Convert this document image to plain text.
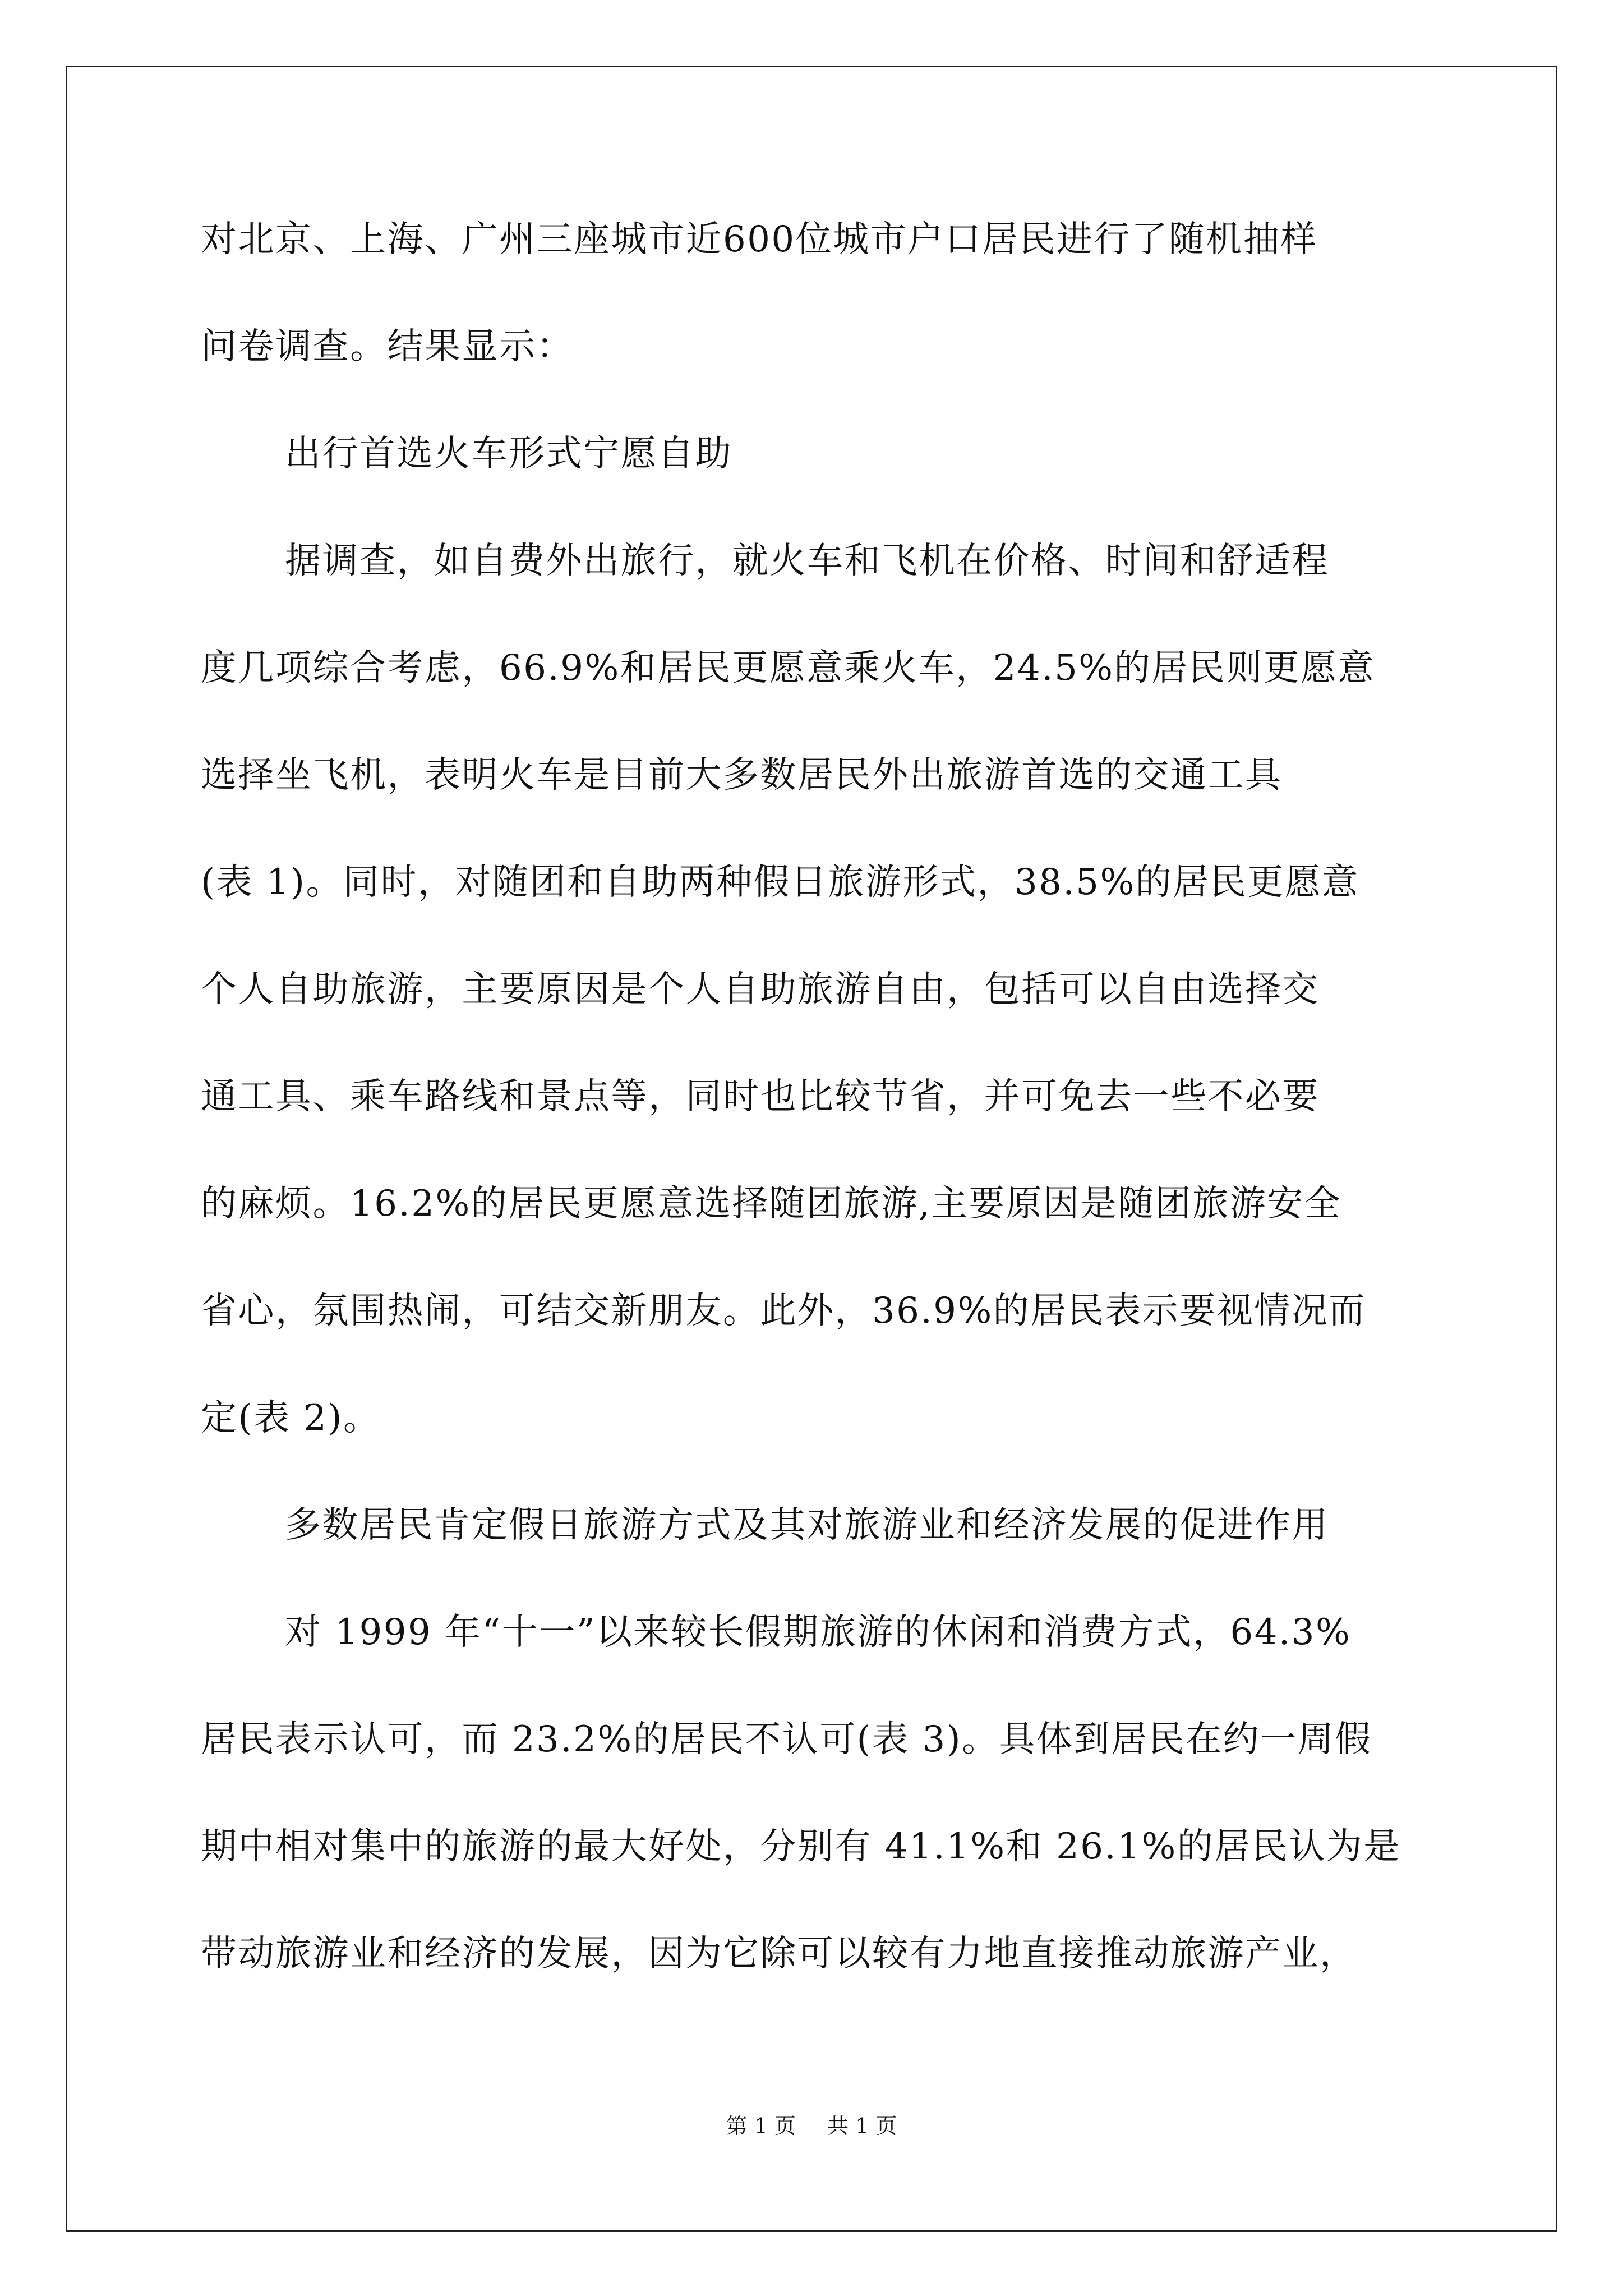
对北京、上海、广州三座城市近600位城市户口居民进行了随机抽样
问卷调查。结果显示：
出行首选火车形式宁愿自助
据调查，如自费外出旅行，就火车和飞机在价格、时间和舒适程
度几项综合考虑，66.9%和居民更愿意乘火车，24.5%的居民则更愿意
选择坐飞机，表明火车是目前大多数居民外出旅游首选的交通工具
(表 1)。同时，对随团和自助两种假日旅游形式，38.5%的居民更愿意
个人自助旅游，主要原因是个人自助旅游自由，包括可以自由选择交
通工具、乘车路线和景点等，同时也比较节省，并可免去一些不必要
的麻烦。16.2%的居民更愿意选择随团旅游,主要原因是随团旅游安全
省心，氛围热闹，可结交新朋友。此外，36.9%的居民表示要视情况而
定(表 2)。
多数居民肯定假日旅游方式及其对旅游业和经济发展的促进作用
对 1999 年“十一”以来较长假期旅游的休闲和消费方式，64.3%
居民表示认可，而 23.2%的居民不认可(表 3)。具体到居民在约一周假
期中相对集中的旅游的最大好处，分别有 41.1%和 26.1%的居民认为是
带动旅游业和经济的发展，因为它除可以较有力地直接推动旅游产业，
第 1 页 共 1 页
